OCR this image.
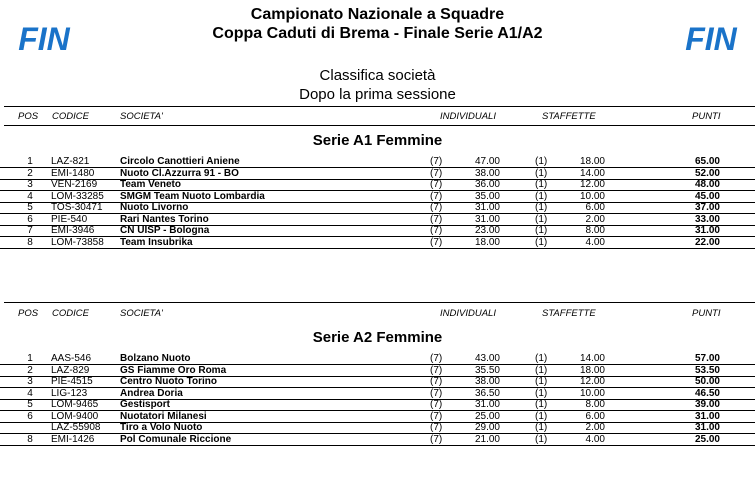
FIN	FIN
Campionato Nazionale a Squadre
Coppa Caduti di Brema - Finale Serie A1/A2
Classifica società
Dopo la prima sessione
POS CODICE	SOCIETA'	INDIVIDUALI	STAFFETTE	PUNTI
Serie A1 Femmine
1	LAZ-821	Circolo Canottieri Aniene	(7)	47.00	(1)	18.00	65.00
2	EMI-1480	Nuoto Cl.Azzurra 91 - BO	(7)	38.00	(1)	14.00	52.00
3	VEN-2169 Team Veneto	(7)	36.00	(1)	12.00	48.00
4	LOM-33285 SMGM Team Nuoto Lombardia	(7)	35.00	(1)	10.00	45.00
5	TOS-30471 Nuoto Livorno	(7)	31.00	(1)	6.00	37.00
6	PIE-540	Rari Nantes Torino	(7)	31.00	(1)	2.00	33.00
7	EMI-3946	CN UISP - Bologna	(7)	23.00	(1)	8.00	31.00
8	LOM-73858 Team Insubrika	(7)	18.00	(1)	4.00	22.00
POS CODICE	SOCIETA'	INDIVIDUALI	STAFFETTE	PUNTI
Serie A2 Femmine
1	AAS-546	Bolzano Nuoto	(7)	43.00	(1)	14.00	57.00
2	LAZ-829	GS Fiamme Oro Roma	(7)	35.50	(1)	18.00	53.50
3	PIE-4515	Centro Nuoto Torino	(7)	38.00	(1)	12.00	50.00
4	LIG-123	Andrea Doria	(7)	36.50	(1)	10.00	46.50
5	LOM-9465 Gestisport	(7)	31.00	(1)	8.00	39.00
6	LOM-9400 Nuotatori Milanesi	(7)	25.00	(1)	6.00	31.00
LAZ-55908 Tiro a Volo Nuoto	(7)	29.00	(1)	2.00	31.00
8	EMI-1426	Pol Comunale Riccione	(7)	21.00	(1)	4.00	25.00
